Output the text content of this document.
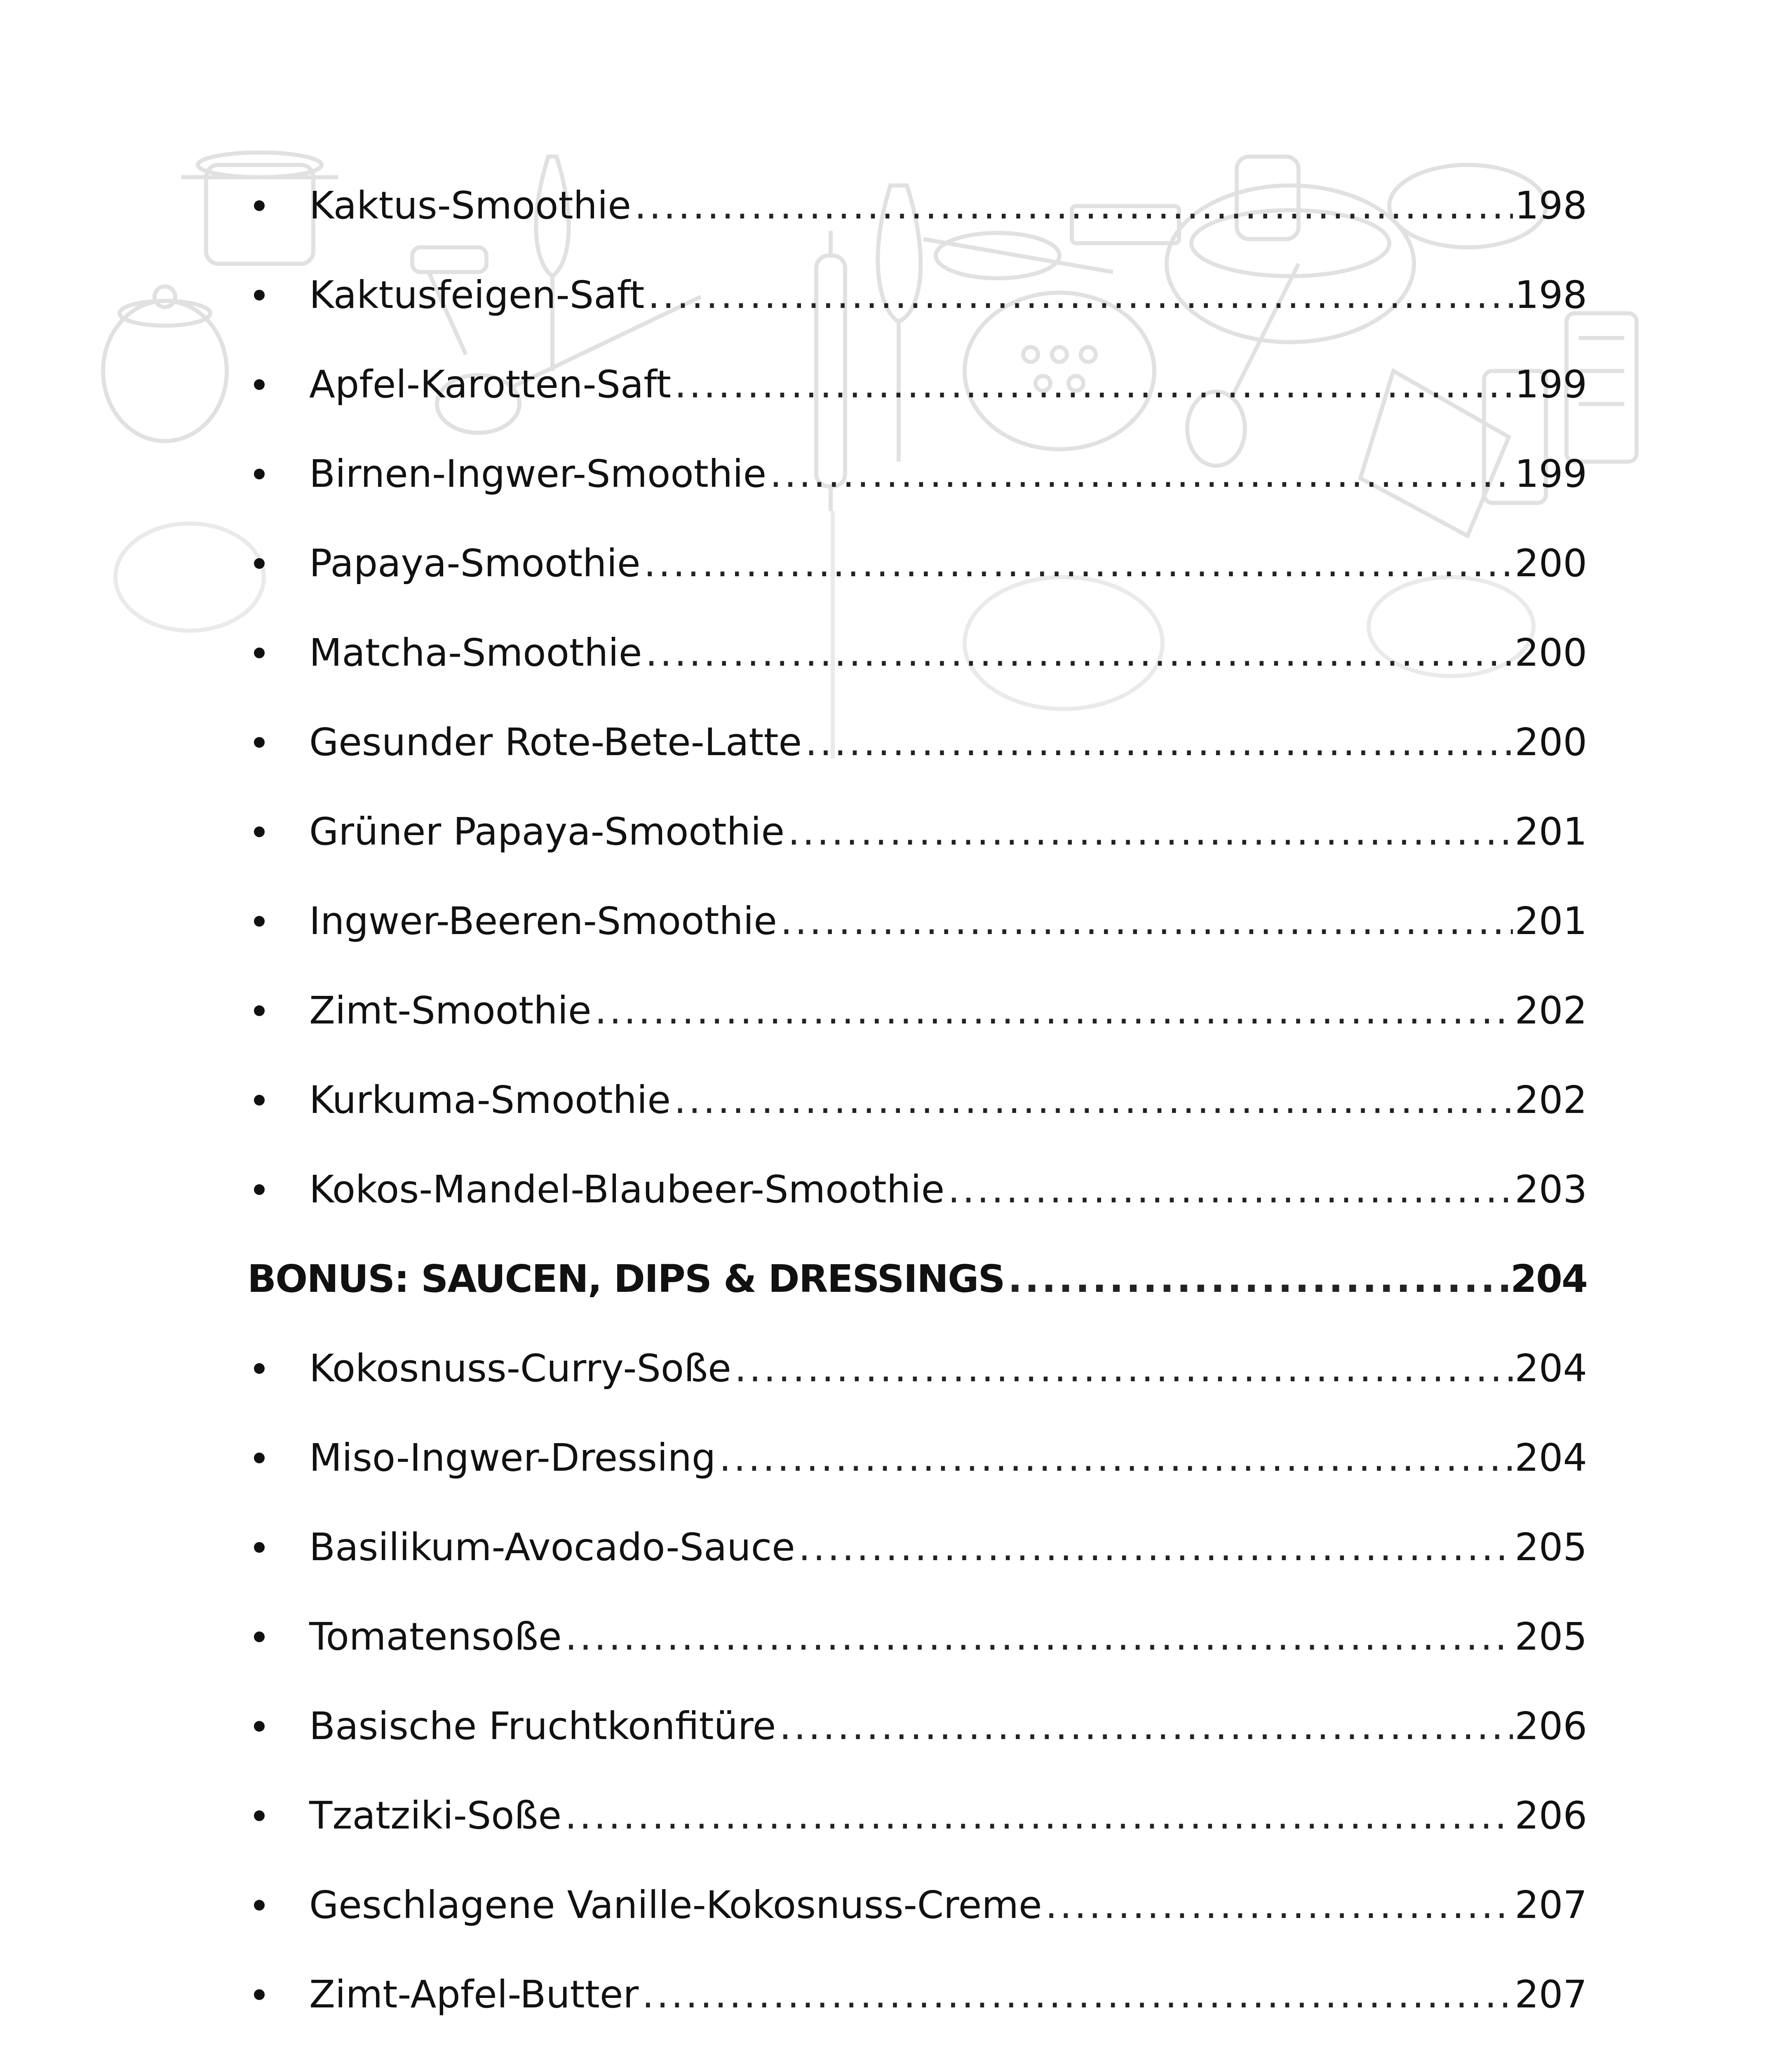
Kaktus-Smoothie .....	198
Kaktusfeigen-Saft .....	198
Apfel-Karotten-Saft .....	199
Birnen-Ingwer-Smoothie .....	199
Papaya-Smoothie .....	200
Matcha-Smoothie .....	200
Gesunder Rote-Bete-Latte .....	200
Grüner Papaya-Smoothie .....	201
Ingwer-Beeren-Smoothie .....	201
Zimt-Smoothie .....	202
Kurkuma-Smoothie .....	202
Kokos-Mandel-Blaubeer-Smoothie .....	203
BONUS: SAUCEN, DIPS & DRESSINGS .....	204
Kokosnuss-Curry-Soße .....	204
Miso-Ingwer-Dressing .....	204
Basilikum-Avocado-Sauce .....	205
Tomatensoße .....	205
Basische Fruchtkonfitüre .....	206
Tzatziki-Soße .....	206
Geschlagene Vanille-Kokosnuss-Creme .....	207
Zimt-Apfel-Butter .....	207
